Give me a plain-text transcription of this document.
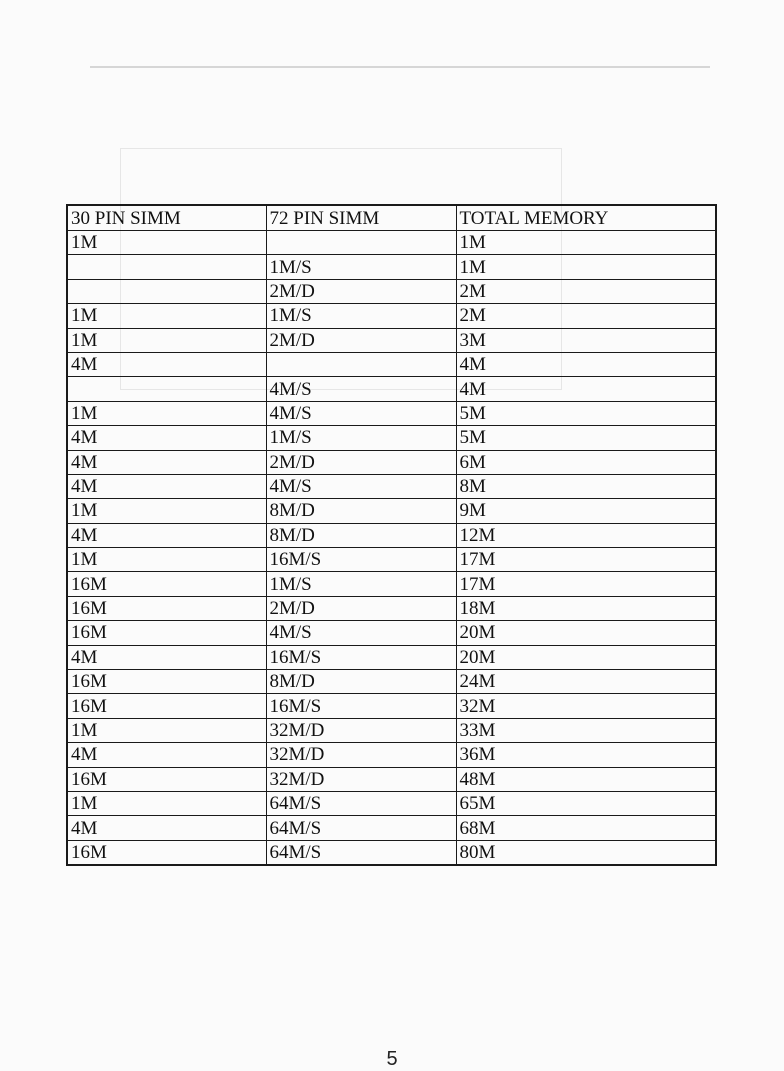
30 PIN SIMM	72 PIN SIMM	TOTAL MEMORY
1M		1M
	1M/S	1M
	2M/D	2M
1M	1M/S	2M
1M	2M/D	3M
4M		4M
	4M/S	4M
1M	4M/S	5M
4M	1M/S	5M
4M	2M/D	6M
4M	4M/S	8M
1M	8M/D	9M
4M	8M/D	12M
1M	16M/S	17M
16M	1M/S	17M
16M	2M/D	18M
16M	4M/S	20M
4M	16M/S	20M
16M	8M/D	24M
16M	16M/S	32M
1M	32M/D	33M
4M	32M/D	36M
16M	32M/D	48M
1M	64M/S	65M
4M	64M/S	68M
16M	64M/S	80M
5
